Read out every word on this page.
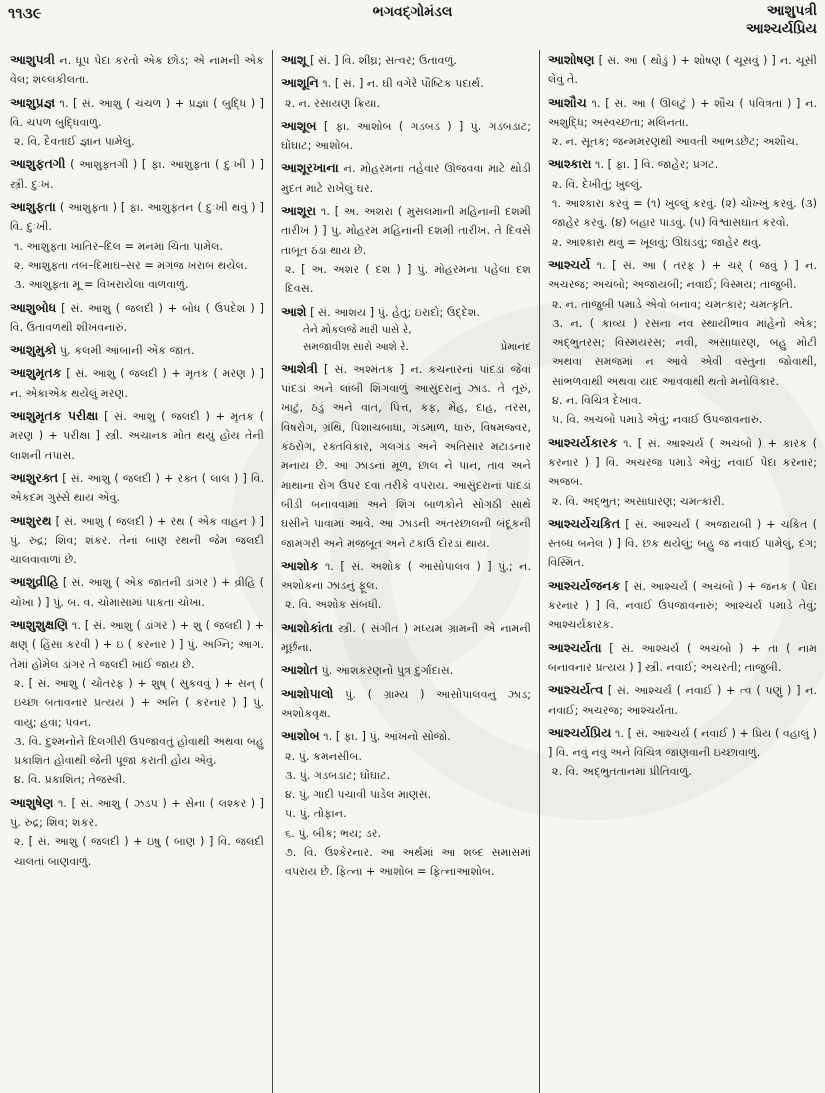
૧૧૩૯	ભગવદ્ગોમંડલ	આશુપત્રી
આશ્ચર્યપ્રિય
આશુપત્રી ન. ધૂપ પેદા કરતો એક છોડ; એ નામની એક વેલ; શલ્લકીલતા.
આશુપ્રજ્ઞ ૧. [ સં. આશુ ( ચંચળ ) + પ્રજ્ઞા ( બુદ્ધિ ) ] વિ. ચપળ બુદ્ધિવાળું.
૨. વિ. દૈવતાઈ જ્ઞાન પામેલું.
આશુફતગી ( આશુફ્તગી ) [ ફા. આશુફ્તા ( દુઃખી ) ] સ્ત્રી. દુઃખ.
આશુફતા ( આશુફ્તા ) [ ફા. આશુફ્તન ( દુઃખી થવું ) ] વિ. દુઃખી.
૧. આશુફ્તા ખાતિર–દિલ = મનમાં ચિંતા પામેલ.
૨. આશુફ્તા તબ–દિમાઘ–સર = મગજ ખરાબ થયેલ.
૩. આશુફ્તા મૂ = વિખરાયેલા વાળવાળું.
આશુબોધ [ સં. આશુ ( જલદી ) + બોધ ( ઉપદેશ ) ] વિ. ઉતાવળથી શીખવનારું.
આશુમુકો પું. કલમી આંબાની એક જાત.
આશુમૃતક [ સં. આશુ ( જલદી ) + મૃતક ( મરણ ) ] ન. એકાએક થયેલું મરણ.
આશુમૃતક પરીક્ષા [ સં. આશુ ( જલદી ) + મૃતક ( મરણ ) + પરીક્ષા ] સ્ત્રી. અચાનક મોત થયું હોય તેની લાશની તપાસ.
આશુરક્ત [ સં. આશુ ( જલદી ) + રક્ત ( લાલ ) ] વિ. એકદમ ગુસ્સે થાય એવું.
આશુરથ [ સં. આશુ ( જલદી ) + રથ ( એક વાહન ) ] પું. રુદ્ર; શિવ; શંકર. તેનાં બાણ રથની જેમ જલદી ચાલવાવાળાં છે.
આશુવ્રીહિ [ સં. આશુ ( એક જાતની ડાંગર ) + વ્રીહિ ( ચોખા ) ] પું. બ. વ. ચોમાસામાં પાકતા ચોખા.
આશુશુક્ષણિ ૧. [ સં. આશુ ( ડાંગર ) + શુ ( જલદી ) + ક્ષણ્ ( હિંસા કરવી ) + ઇ ( કરનાર ) ] પું. અગ્નિ; આગ. તેમાં હોમેલ ડાંગર તે જલદી ખાઈ જાય છે.
૨. [ સં. આશુ ( ચોતરફ ) + શુષ્ ( સુકવવું ) + સન્ ( ઇચ્છા બતાવનાર પ્રત્યય ) + અનિ ( કરનાર ) ] પું. વાયુ; હવા; પવન.
૩. વિ. દુશ્મનોને દિલગીરી ઉપજાવતું હોવાથી અથવા બહુ પ્રકાશિત હોવાથી જેની પૂજા કરાતી હોય એવું.
૪. વિ. પ્રકાશિત; તેજસ્વી.
આશુષેણ ૧. [ સં. આશુ ( ઝડપ ) + સેના ( લશ્કર ) ] પું. રુદ્ર; શિવ; શંકર.
૨. [ સં. આશુ ( જલદી ) + ઇષુ ( બાણ ) ] વિ. જલદી ચાલતાં બાણવાળું.
આશૂ [ સં. ] વિ. શીઘ્ર; સત્વર; ઉતાવળું.
આશૂનિ ૧. [ સં. ] ન. ઘી વગેરે પૌષ્ટિક પદાર્થ.
૨. ન. રસાયણ ક્રિયા.
આશૂબ [ ફા. આશોબ ( ગડબડ ) ] પું. ગડબડાટ; ઘોંઘાટ; આશોબ.
આશૂરખાના ન. મોહરમના તહેવાર ઊજવવા માટે થોડી મુદત માટે રાખેલું ઘર.
આશૂરા ૧. [ અ. અશરા ( મુસલમાની મહિનાની દશમી તારીખ ) ] પું. મોહરમ મહિનાની દશમી તારીખ. તે દિવસે તાબૂત ઠંડા થાય છે.
૨. [ અ. અશર ( દશ ) ] પું. મોહરમના પહેલા દશ દિવસ.
આશે [ સં. આશય ] પું. હેતુ; ઇરાદો; ઉદ્દેશ.
તેને મોકલજે મારી પાસે રે,
સમજાવીશ સારો આશે રે.	પ્રેમાનંદ
આશેત્રી [ સં. અશ્મંતક ] ન. કચનારનાં પાંદડાં જેવાં પાંદડાં અને લાંબી શિંગવાળું આસુંદરાનું ઝાડ. તે તૂરું, ખાટું, ઠંડું અને વાત, પિત્ત, કફ, મેહ, દાહ, તરસ, વિષરોગ, ગ્રંથિ, પિશાચબાધા, ગંડમાળ, ધારું, વિષમજ્વર, કંઠરોગ, રક્તવિકાર, ગલગંડ અને અતિસાર મટાડનાર મનાય છે. આ ઝાડનાં મૂળ, છાલ ને પાન, તાવ અને માથાના રોગ ઉપર દવા તરીકે વપરાય. આસુંદરાનાં પાંદડાં બીડી બનાવવામાં અને શિંગ બાળકોને સોગઠી સાથે ઘસીને પાવામાં આવે. આ ઝાડની અંતરછાલની બંદૂકની જામગરી અને મજબૂત અને ટકાઉ દોરડાં થાય.
આશોક ૧. [ સં. અશોક ( આસોપાલવ ) ] પું.; ન. અશોકના ઝાડનું ફૂલ.
૨. વિ. અશોક સંબંધી.
આશોકાંતા સ્ત્રી. ( સંગીત ) મધ્યમ ગ્રામની એ નામની મૂર્છના.
આશોત પું. આશકરણનો પુત્ર દુર્ગાદાસ.
આશોપાલો પું. ( ગ્રામ્ય ) આસોપાલવનું ઝાડ; અશોકવૃક્ષ.
આશોબ ૧. [ ફા. ] પું. આંખનો સોજો.
૨. પું. કમનસીબ.
૩. પું. ગડબડાટ; ઘોંઘાટ.
૪. પું. ગાદી પચાવી પાડેલ માણસ.
૫. પું. તોફાન.
૬. પું. બીક; ભય; ડર.
૭. વિ. ઉશ્કેરનાર. આ અર્થમાં આ શબ્દ સમાસમાં વપરાય છે. ફિત્ના + આશોબ = ફિત્નાઆશોબ.
આશોષણ [ સં. આ ( થોડું ) + શોષણ ( ચૂસવું ) ] ન. ચૂસી લેવું તે.
આશૌચ ૧. [ સં. આ ( ઊલટું ) + શૌચ ( પવિત્રતા ) ] ન. અશુદ્ધિ; અસ્વચ્છતા; મલિનતા.
૨. ન. સૂતક; જન્મમરણથી આવતી આભડછેટ; અશૌચ.
આશ્કારા ૧. [ ફા. ] વિ. જાહેર; પ્રગટ.
૨. વિ. દેખીતું; ખુલ્લું.
૧. આશ્કારા કરવું = (૧) ખુલ્લું કરવું. (૨) ચોખ્ખું કરવું. (૩) જાહેર કરવું. (૪) બહાર પાડવું. (૫) વિશ્વાસઘાત કરવો.
૨. આશ્કારા થવું = ખૂલવું; ઊઘડવું; જાહેર થવું.
આશ્ચર્ય ૧. [ સં. આ ( તરફ ) + ચર્ ( જવું ) ] ન. અચરજ; અચંબો; અજાયબી; નવાઈ; વિસ્મય; તાજુબી.
૨. ન. તાજુબી પમાડે એવો બનાવ; ચમત્કાર; ચમત્કૃતિ.
૩. ન. ( કાવ્ય ) રસના નવ સ્થાયીભાવ માંહેનો એક; અદ્ભુતરસ; વિસ્મયરસ; નવી, અસાધારણ, બહુ મોટી અથવા સમજમાં ન આવે એવી વસ્તુના જોવાથી, સાંભળવાથી અથવા યાદ આવવાથી થતો મનોવિકાર.
૪. ન. વિચિત્ર દેખાવ.
૫. વિ. અચંબો પમાડે એવું; નવાઈ ઉપજાવનારું.
આશ્ચર્યકારક ૧. [ સં. આશ્ચર્ય ( અચંબો ) + કારક ( કરનાર ) ] વિ. અચરજ પમાડે એવું; નવાઈ પેદા કરનાર; અજબ.
૨. વિ. અદ્ભુત; અસાધારણ; ચમત્કારી.
આશ્ચર્યચકિત [ સં. આશ્ચર્ય ( અજાયબી ) + ચકિત ( સ્તબ્ધ બનેલ ) ] વિ. છક થયેલું; બહુ જ નવાઈ પામેલું, દંગ; વિસ્મિત.
આશ્ચર્યજનક [ સં. આશ્ચર્ય ( અચંબો ) + જનક ( પેદા કરનાર ) ] વિ. નવાઈ ઉપજાવનારું; આશ્ચર્ય પમાડે તેવું; આશ્ચર્યકારક.
આશ્ચર્યતા [ સં. આશ્ચર્ય ( અચંબો ) + તા ( નામ બનાવનાર પ્રત્યય ) ] સ્ત્રી. નવાઈ; અચરતી; તાજુબી.
આશ્ચર્યત્વ [ સં. આશ્ચર્ય ( નવાઈ ) + ત્વ ( પણું ) ] ન. નવાઈ; અચરજ; આશ્ચર્યતા.
આશ્ચર્યપ્રિય ૧. [ સં. આશ્ચર્ય ( નવાઈ ) + પ્રિય ( વહાલું ) ] વિ. નવું નવું અને વિચિત્ર જાણવાની ઇચ્છાવાળું.
૨. વિ. અદ્ભુતતાનમાં પ્રીતિવાળું.
